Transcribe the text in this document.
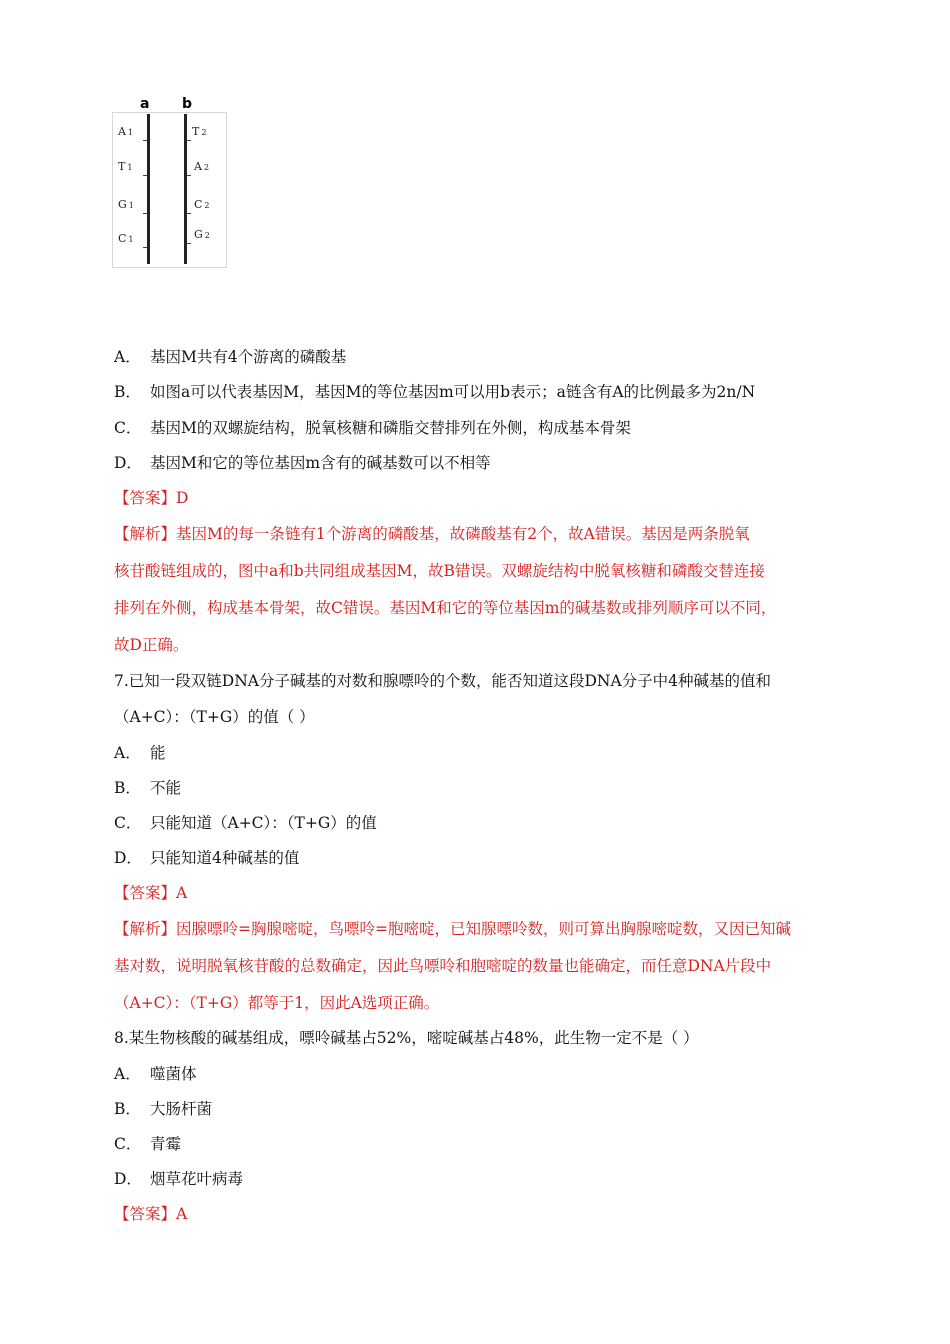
a b
A 1
T 1
G 1
C 1
T 2
A 2
C 2
G 2
A． 基因M共有4个游离的磷酸基
B． 如图a可以代表基因M，基因M的等位基因m可以用b表示；a链含有A的比例最多为2n/N
C． 基因M的双螺旋结构，脱氧核糖和磷脂交替排列在外侧，构成基本骨架
D． 基因M和它的等位基因m含有的碱基数可以不相等
【答案】D
【解析】基因M的每一条链有1个游离的磷酸基，故磷酸基有2个，故A错误。基因是两条脱氧
核苷酸链组成的，图中a和b共同组成基因M，故B错误。双螺旋结构中脱氧核糖和磷酸交替连接
排列在外侧，构成基本骨架，故C错误。基因M和它的等位基因m的碱基数或排列顺序可以不同，
故D正确。
7.已知一段双链DNA分子碱基的对数和腺嘌呤的个数，能否知道这段DNA分子中4种碱基的值和
（A+C）：（T+G）的值（ ）
A． 能
B． 不能
C． 只能知道（A+C）：（T+G）的值
D． 只能知道4种碱基的值
【答案】A
【解析】因腺嘌呤=胸腺嘧啶，鸟嘌呤=胞嘧啶，已知腺嘌呤数，则可算出胸腺嘧啶数，又因已知碱
基对数，说明脱氧核苷酸的总数确定，因此鸟嘌呤和胞嘧啶的数量也能确定，而任意DNA片段中
（A+C）：（T+G）都等于1，因此A选项正确。
8.某生物核酸的碱基组成，嘌呤碱基占52%，嘧啶碱基占48%，此生物一定不是（ ）
A． 噬菌体
B． 大肠杆菌
C． 青霉
D． 烟草花叶病毒
【答案】A
